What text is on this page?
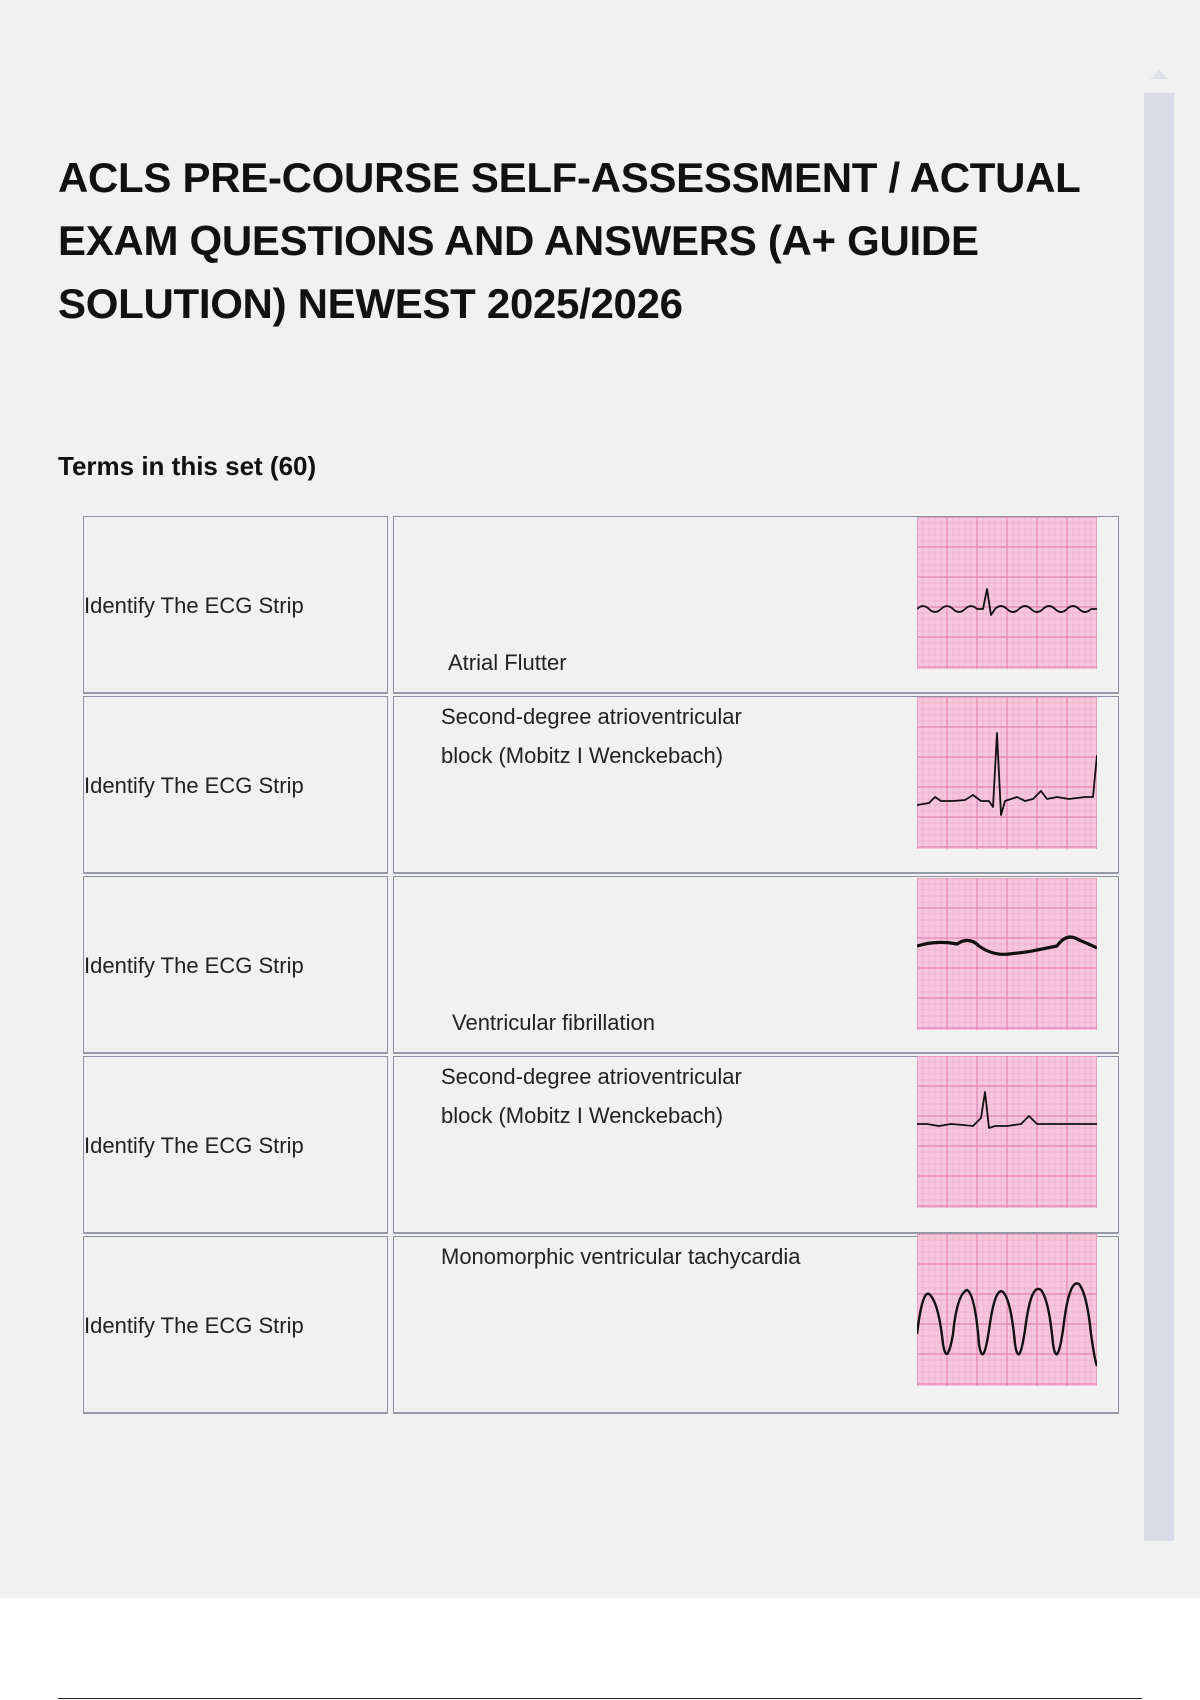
ACLS PRE-COURSE SELF-ASSESSMENT / ACTUAL EXAM QUESTIONS AND ANSWERS (A+ GUIDE SOLUTION) NEWEST 2025/2026
Terms in this set (60)
Identify The ECG Strip
Atrial Flutter
Identify The ECG Strip
Second-degree atrioventricular block (Mobitz I Wenckebach)
Identify The ECG Strip
Ventricular fibrillation
Identify The ECG Strip
Second-degree atrioventricular block (Mobitz I Wenckebach)
Identify The ECG Strip
Monomorphic ventricular tachycardia
